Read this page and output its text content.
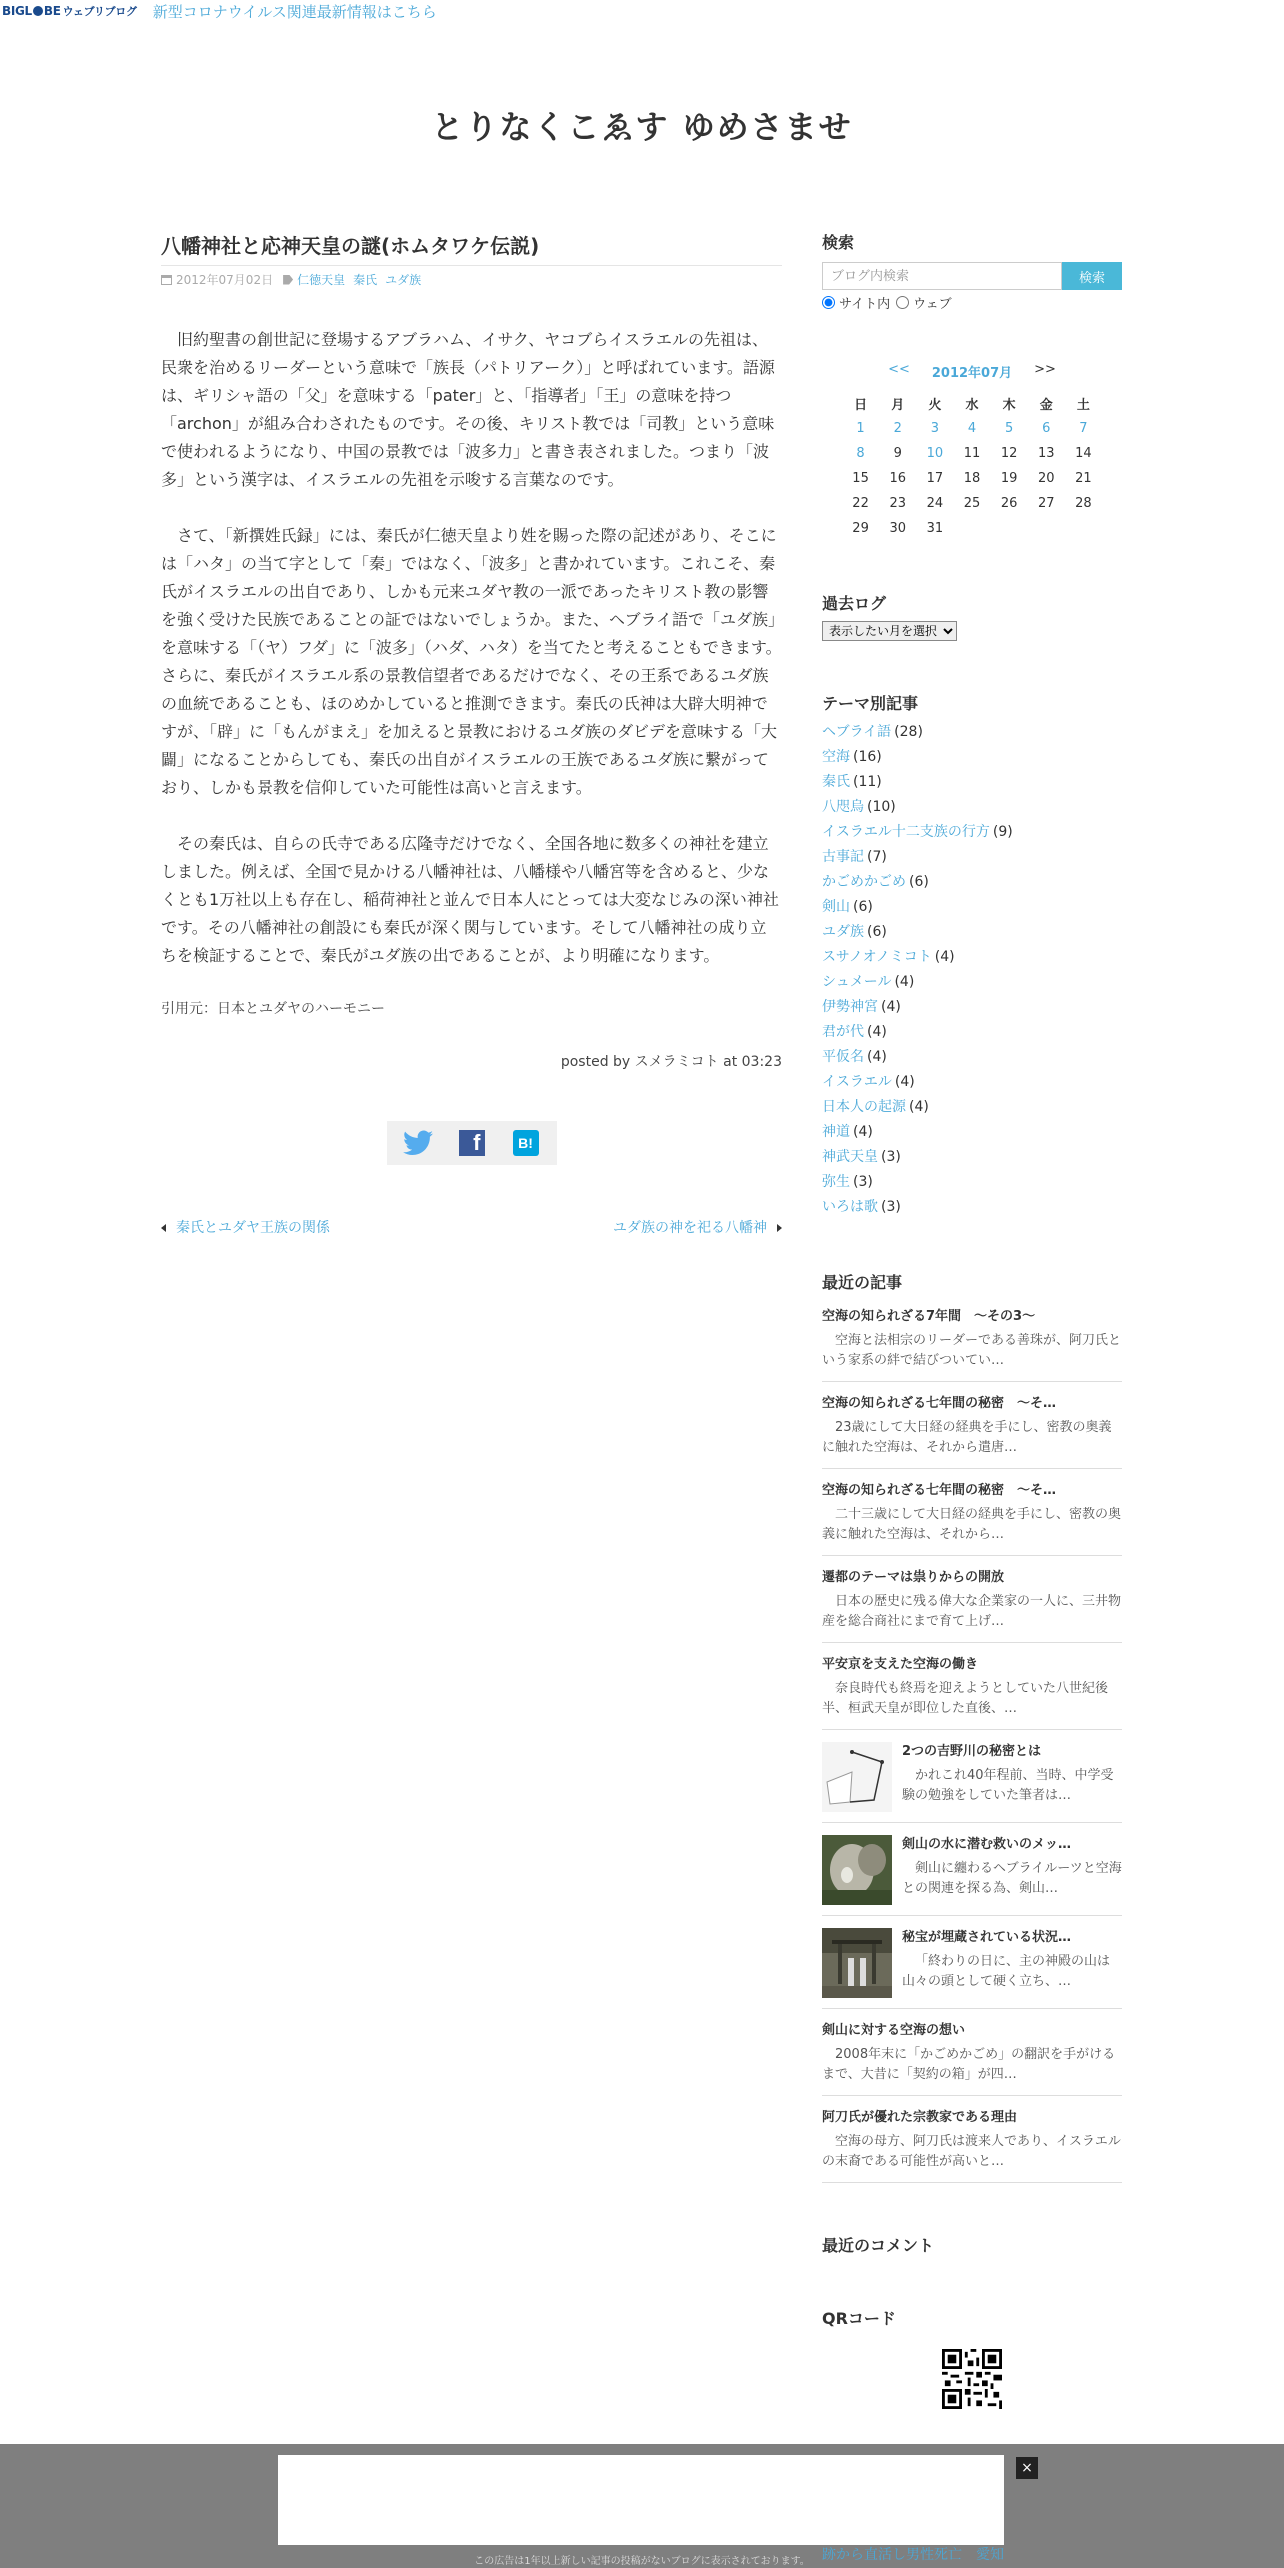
BIGL BE ウェブリブログ 新型コロナウイルス関連最新情報はこちら
とりなくこゑす ゆめさませ
八幡神社と応神天皇の謎(ホムタワケ伝説)
2012年07月02日 仁徳天皇 秦氏 ユダ族

旧約聖書の創世記に登場するアブラハム、イサク、ヤコブらイスラエルの先祖は、民衆を治めるリーダーという意味で「族長（パトリアーク）」と呼ばれています。語源は、ギリシャ語の「父」を意味する「pater」と、「指導者」「王」の意味を持つ「archon」が組み合わされたものです。その後、キリスト教では「司教」という意味で使われるようになり、中国の景教では「波多力」と書き表されました。つまり「波多」という漢字は、イスラエルの先祖を示唆する言葉なのです。

さて、「新撰姓氏録」には、秦氏が仁徳天皇より姓を賜った際の記述があり、そこには「ハタ」の当て字として「秦」ではなく、「波多」と書かれています。これこそ、秦氏がイスラエルの出自であり、しかも元来ユダヤ教の一派であったキリスト教の影響を強く受けた民族であることの証ではないでしょうか。また、ヘブライ語で「ユダ族」を意味する「（ヤ）フダ」に「波多」（ハダ、ハタ）を当てたと考えることもできます。さらに、秦氏がイスラエル系の景教信望者であるだけでなく、その王系であるユダ族の血統であることも、ほのめかしていると推測できます。秦氏の氏神は大辟大明神ですが、「辟」に「もんがまえ」を加えると景教におけるユダ族のダビデを意味する「大闢」になることからしても、秦氏の出自がイスラエルの王族であるユダ族に繋がっており、しかも景教を信仰していた可能性は高いと言えます。

その秦氏は、自らの氏寺である広隆寺だけでなく、全国各地に数多くの神社を建立しました。例えば、全国で見かける八幡神社は、八幡様や八幡宮等を含めると、少なくとも1万社以上も存在し、稲荷神社と並んで日本人にとっては大変なじみの深い神社です。その八幡神社の創設にも秦氏が深く関与しています。そして八幡神社の成り立ちを検証することで、秦氏がユダ族の出であることが、より明確になります。

引用元：日本とユダヤのハーモニー
posted by スメラミコト at 03:23
f	B!
秦氏とユダヤ王族の関係	ユダ族の神を祀る八幡神
検索
ブログ内検索
検索
サイト内 ウェブ
<< 2012年07月 >>
日	月	火	水	木	金	土
1	2	3	4	5	6	7
8	9	10	11	12	13	14
15	16	17	18	19	20	21
22	23	24	25	26	27	28
29	30	31				
過去ログ
表示したい月を選択
テーマ別記事
ヘブライ語 (28)
空海 (16)
秦氏 (11)
八咫烏 (10)
イスラエル十二支族の行方 (9)
古事記 (7)
かごめかごめ (6)
剣山 (6)
ユダ族 (6)
スサノオノミコト (4)
シュメール (4)
伊勢神宮 (4)
君が代 (4)
平仮名 (4)
イスラエル (4)
日本人の起源 (4)
神道 (4)
神武天皇 (3)
弥生 (3)
いろは歌 (3)
最近の記事
空海の知られざる7年間　～その3～
空海と法相宗のリーダーである善珠が、阿刀氏という家系の絆で結びついてい…
空海の知られざる七年間の秘密　～そ…
23歳にして大日経の経典を手にし、密教の奥義に触れた空海は、それから遣唐…
空海の知られざる七年間の秘密　～そ…
二十三歳にして大日経の経典を手にし、密教の奥義に触れた空海は、それから…
遷都のテーマは祟りからの開放
日本の歴史に残る偉大な企業家の一人に、三井物産を総合商社にまで育て上げ…
平安京を支えた空海の働き
奈良時代も終焉を迎えようとしていた八世紀後半、桓武天皇が即位した直後、…
2つの吉野川の秘密とは
かれこれ40年程前、当時、中学受験の勉強をしていた筆者は…
剣山の水に潜む救いのメッ…
剣山に纏わるヘブライルーツと空海との関連を探る為、剣山…
秘宝が埋蔵されている状況…
「終わりの日に、主の神殿の山は山々の頭として硬く立ち、…
剣山に対する空海の想い
2008年末に「かごめかごめ」の翻訳を手がけるまで、大昔に「契約の箱」が四…
阿刀氏が優れた宗教家である理由
空海の母方、阿刀氏は渡来人であり、イスラエルの末裔である可能性が高いと…
最近のコメント
QRコード
跡から直活し男性死亡　愛知
×
この広告は1年以上新しい記事の投稿がないブログに表示されております。
